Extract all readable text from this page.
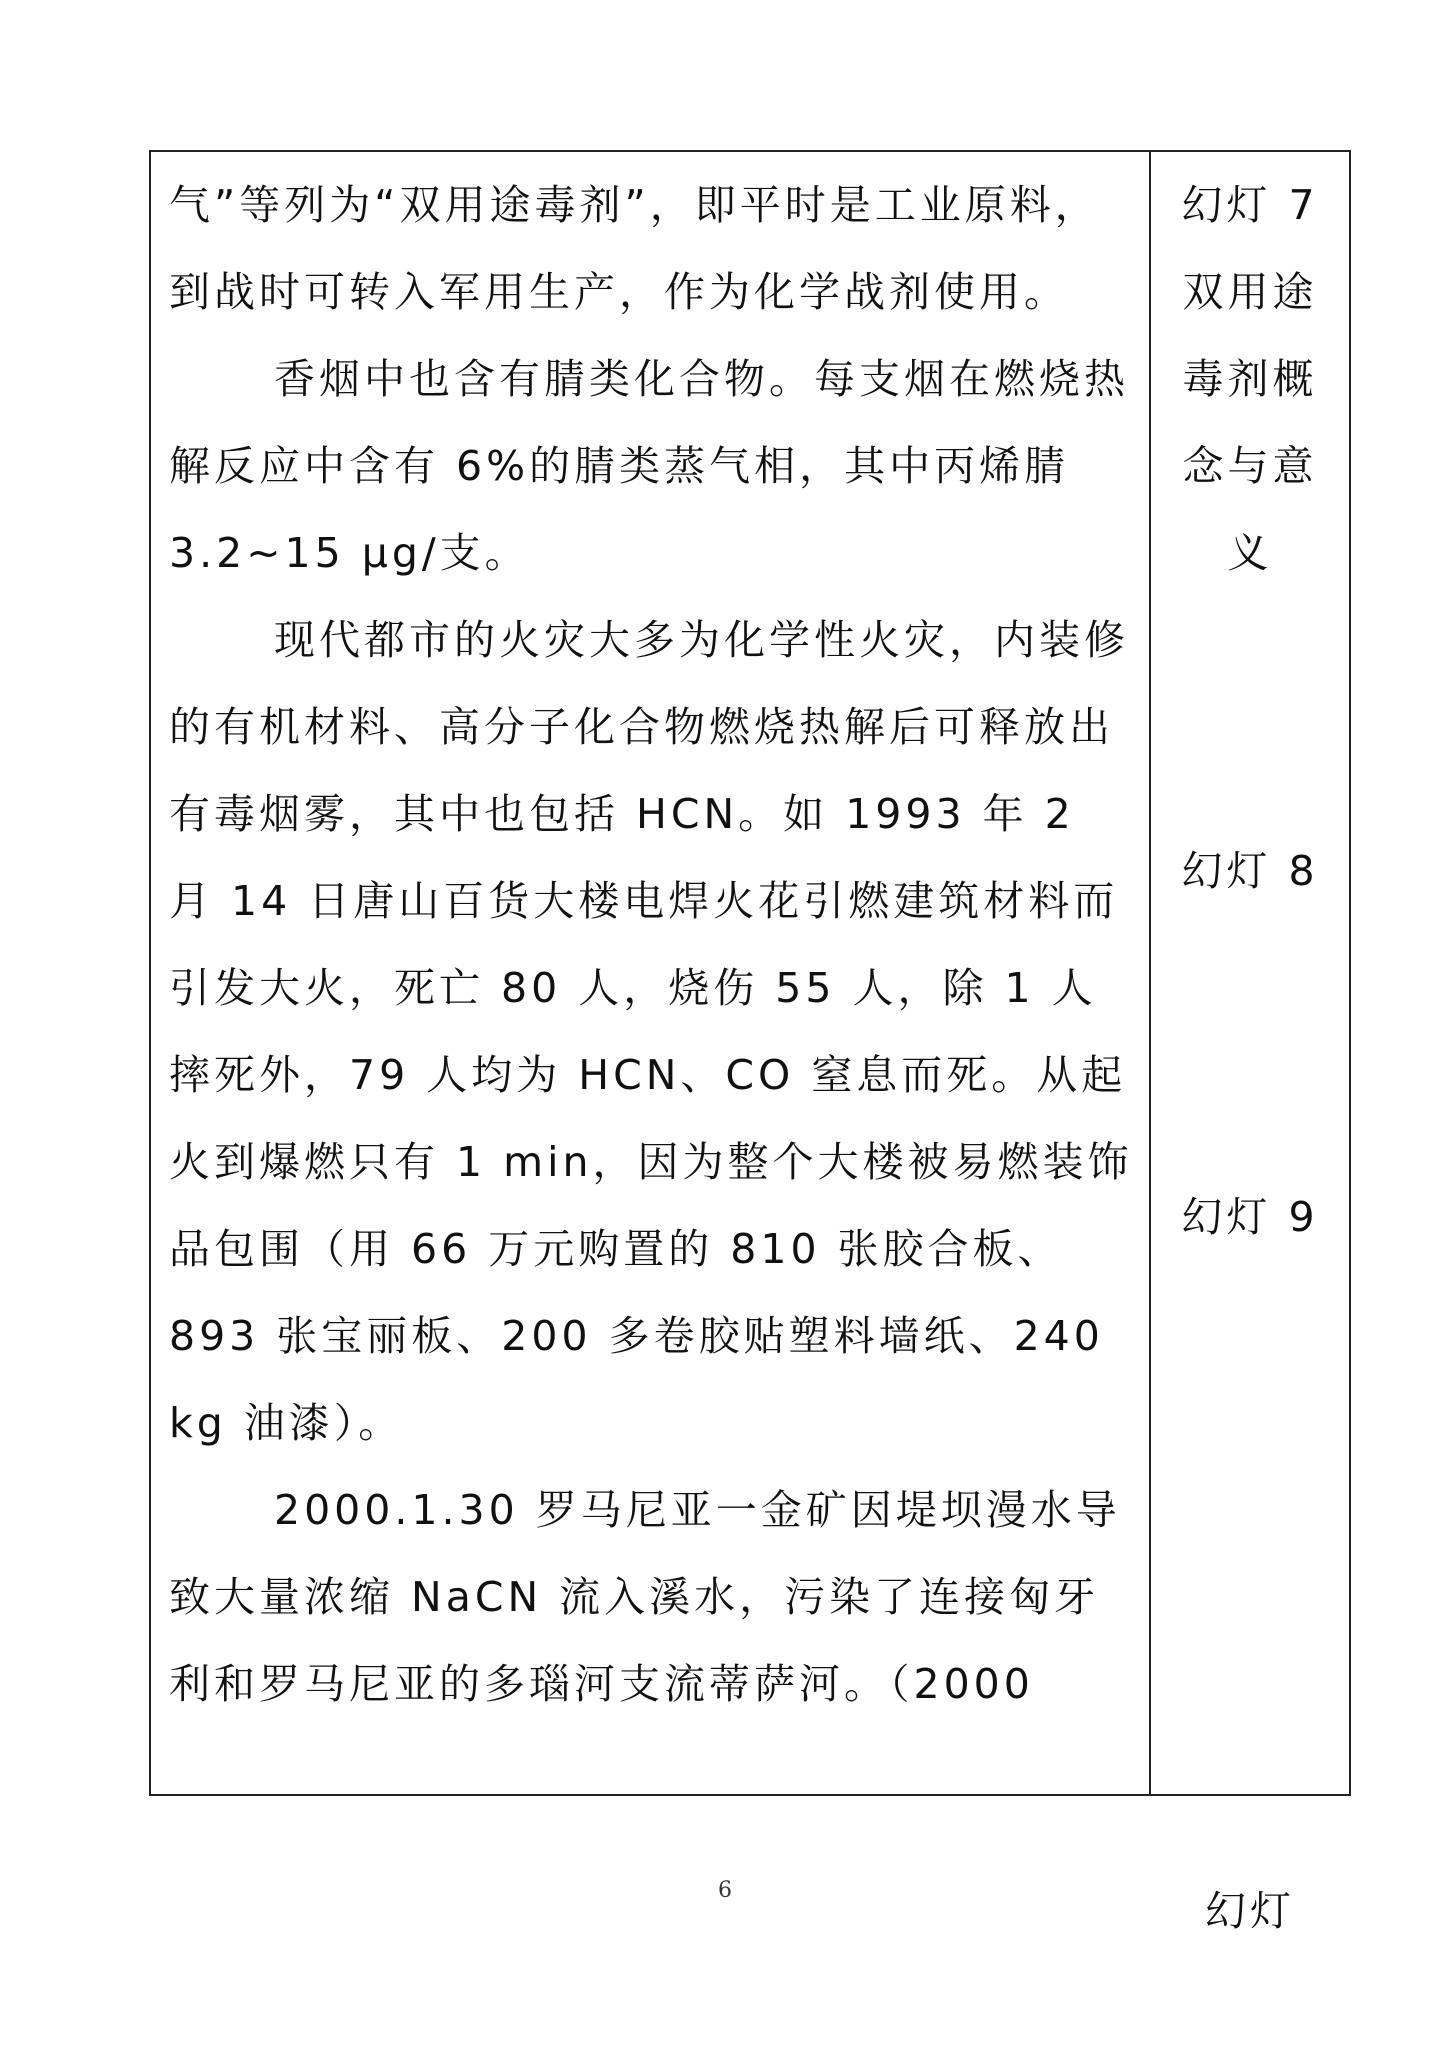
气”等列为“双用途毒剂”，即平时是工业原料，到战时可转入军用生产，作为化学战剂使用。

香烟中也含有腈类化合物。每支烟在燃烧热解反应中含有 6%的腈类蒸气相，其中丙烯腈 3.2~15 μg/支。

现代都市的火灾大多为化学性火灾，内装修的有机材料、高分子化合物燃烧热解后可释放出有毒烟雾，其中也包括 HCN。如 1993 年 2 月 14 日唐山百货大楼电焊火花引燃建筑材料而引发大火，死亡 80 人，烧伤 55 人，除 1 人摔死外，79 人均为 HCN、CO 窒息而死。从起火到爆燃只有 1 min，因为整个大楼被易燃装饰品包围（用 66 万元购置的 810 张胶合板、893 张宝丽板、200 多卷胶贴塑料墙纸、240 kg 油漆）。

2000.1.30 罗马尼亚一金矿因堤坝漫水导致大量浓缩 NaCN 流入溪水，污染了连接匈牙利和罗马尼亚的多瑙河支流蒂萨河。（2000

幻灯 7 双用途毒剂概念与意义

幻灯 8

幻灯 9

幻灯

6
